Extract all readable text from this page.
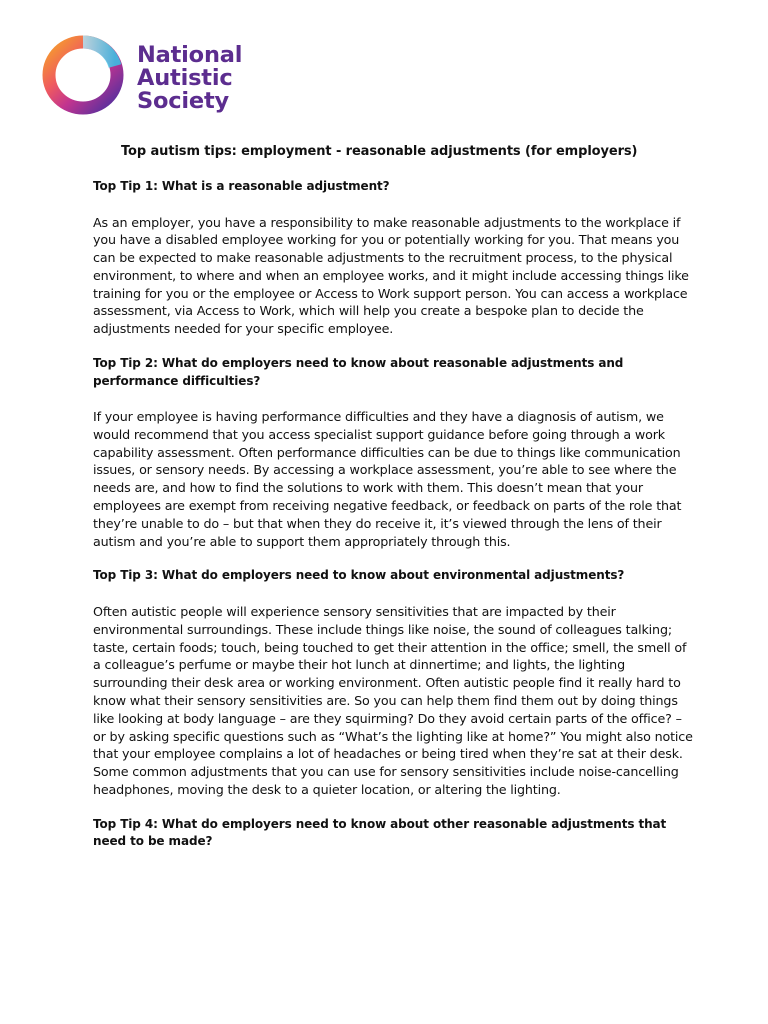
National
Autistic
Society

Top autism tips: employment - reasonable adjustments (for employers)

Top Tip 1: What is a reasonable adjustment?

As an employer, you have a responsibility to make reasonable adjustments to the workplace if you have a disabled employee working for you or potentially working for you. That means you can be expected to make reasonable adjustments to the recruitment process, to the physical environment, to where and when an employee works, and it might include accessing things like training for you or the employee or Access to Work support person. You can access a workplace assessment, via Access to Work, which will help you create a bespoke plan to decide the adjustments needed for your specific employee.

Top Tip 2: What do employers need to know about reasonable adjustments and performance difficulties?

If your employee is having performance difficulties and they have a diagnosis of autism, we would recommend that you access specialist support guidance before going through a work capability assessment. Often performance difficulties can be due to things like communication issues, or sensory needs. By accessing a workplace assessment, you’re able to see where the needs are, and how to find the solutions to work with them. This doesn’t mean that your employees are exempt from receiving negative feedback, or feedback on parts of the role that they’re unable to do – but that when they do receive it, it’s viewed through the lens of their autism and you’re able to support them appropriately through this.

Top Tip 3: What do employers need to know about environmental adjustments?

Often autistic people will experience sensory sensitivities that are impacted by their environmental surroundings. These include things like noise, the sound of colleagues talking; taste, certain foods; touch, being touched to get their attention in the office; smell, the smell of a colleague’s perfume or maybe their hot lunch at dinnertime; and lights, the lighting surrounding their desk area or working environment. Often autistic people find it really hard to know what their sensory sensitivities are. So you can help them find them out by doing things like looking at body language – are they squirming? Do they avoid certain parts of the office? – or by asking specific questions such as “What’s the lighting like at home?” You might also notice that your employee complains a lot of headaches or being tired when they’re sat at their desk. Some common adjustments that you can use for sensory sensitivities include noise-cancelling headphones, moving the desk to a quieter location, or altering the lighting.

Top Tip 4: What do employers need to know about other reasonable adjustments that need to be made?
